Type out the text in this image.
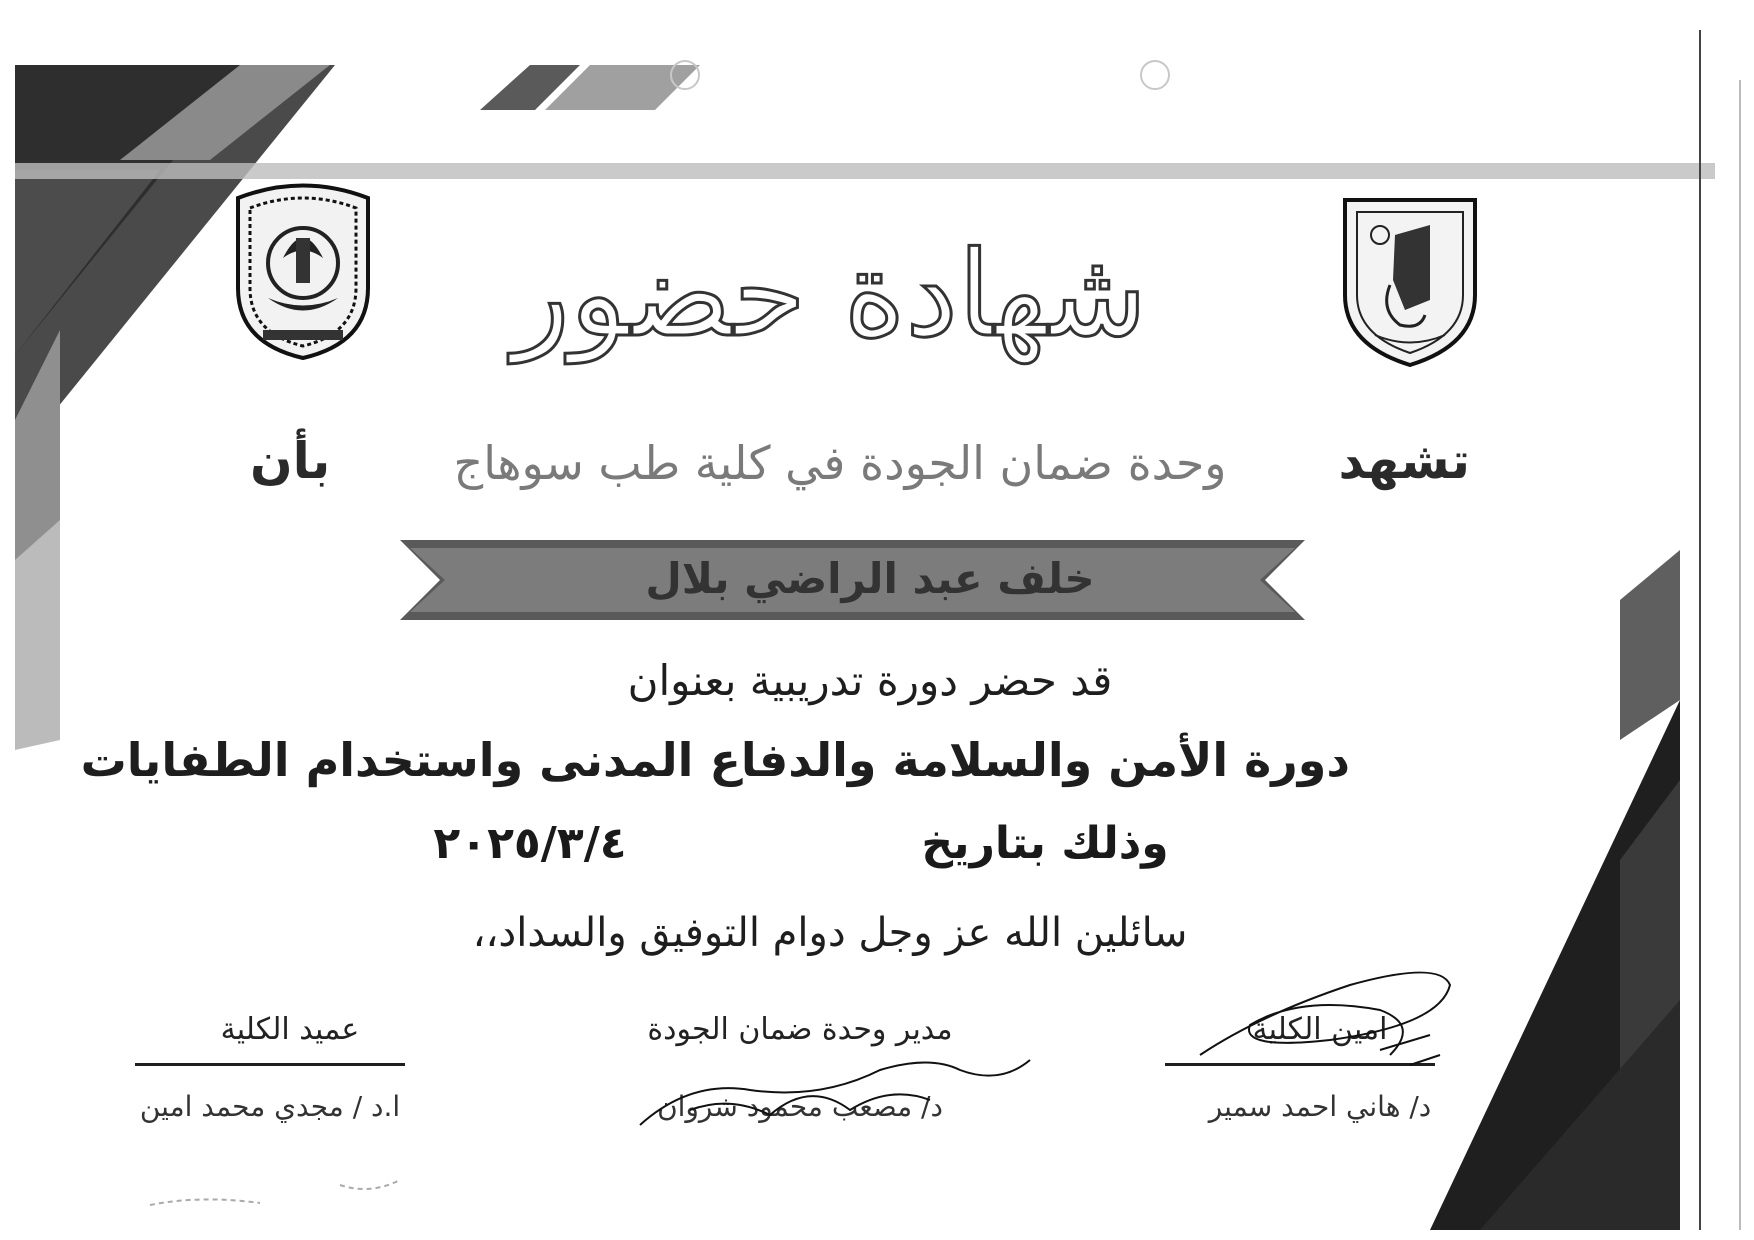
شهادة حضور
تشهد
وحدة ضمان الجودة في كلية طب سوهاج
بأن
خلف عبد الراضي بلال
قد حضر دورة تدريبية بعنوان
دورة الأمن والسلامة والدفاع المدنى واستخدام الطفايات
وذلك بتاريخ
٢٠٢٥/٣/٤
سائلين الله عز وجل دوام التوفيق والسداد،،
امين الكلية
د/ هاني احمد سمير
مدير وحدة ضمان الجودة
د/ مصعب محمود شروان
عميد الكلية
ا.د / مجدي محمد امين
